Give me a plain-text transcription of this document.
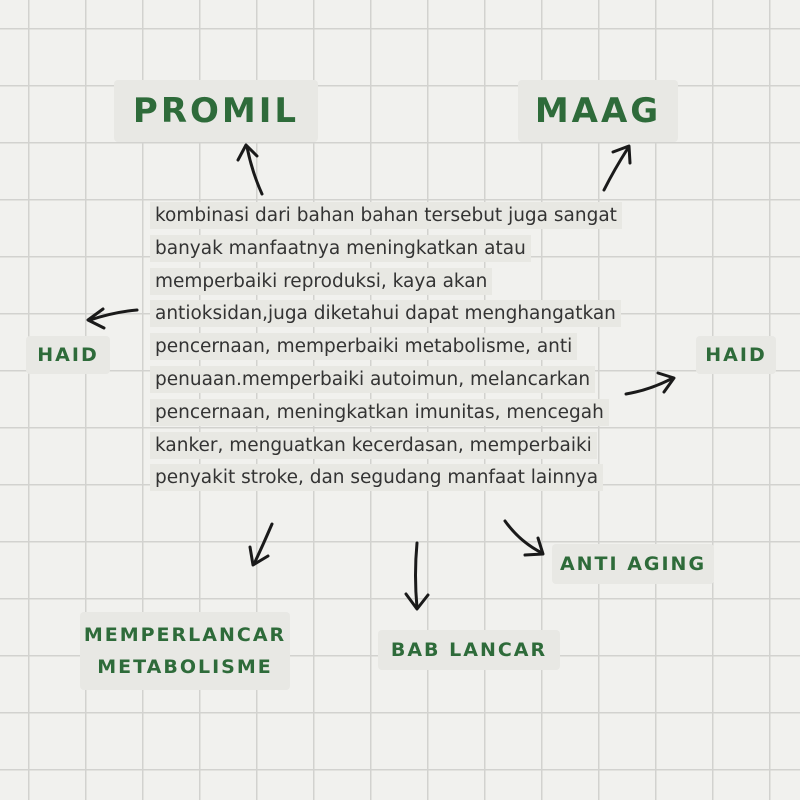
PROMIL	MAAG
HAID	HAID

kombinasi dari bahan bahan tersebut juga sangat banyak manfaatnya meningkatkan atau memperbaiki reproduksi, kaya akan antioksidan,juga diketahui dapat menghangatkan pencernaan, memperbaiki metabolisme, anti penuaan.memperbaiki autoimun, melancarkan pencernaan, meningkatkan imunitas, mencegah kanker, menguatkan kecerdasan, memperbaiki penyakit stroke, dan segudang manfaat lainnya

MEMPERLANCAR
METABOLISME
BAB LANCAR
ANTI AGING
